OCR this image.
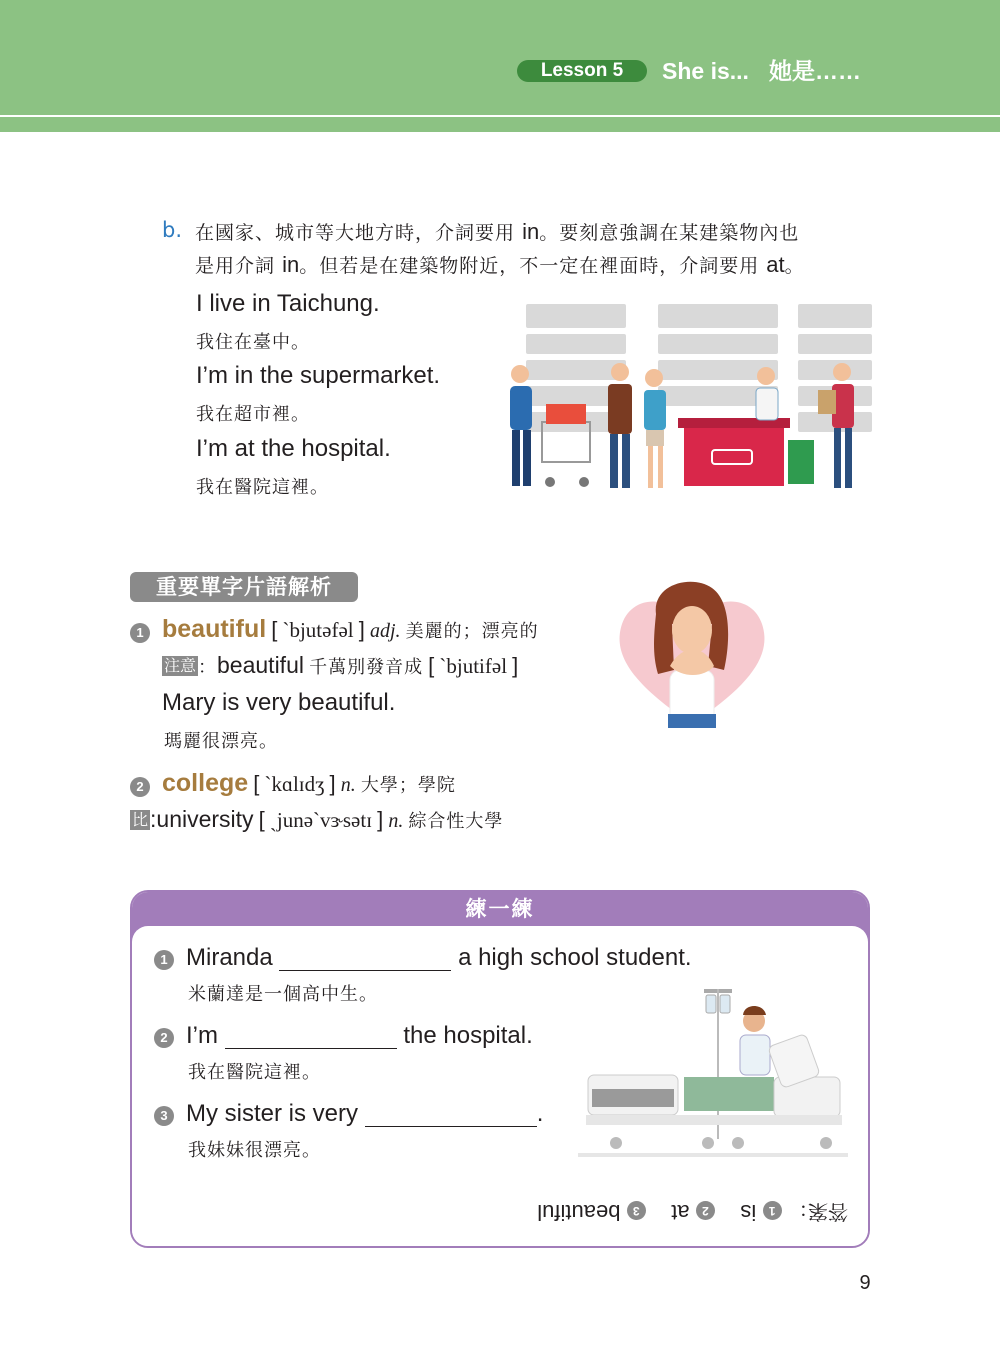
Lesson 5	She is... 她是……
b. 在國家、城市等大地方時，介詞要用 in。要刻意強調在某建築物內也
是用介詞 in。但若是在建築物附近，不一定在裡面時，介詞要用 at。
I live in Taichung.
我住在臺中。
I’m in the supermarket.
我在超市裡。
I’m at the hospital.
我在醫院這裡。
重要單字片語解析
1 beautiful [ ˋbjutəfəl ] adj. 美麗的；漂亮的
注意 ：beautiful 千萬別發音成 [ ˋbjutifəl ]
Mary is very beautiful.
瑪麗很漂亮。
2 college [ ˋkɑlɪdʒ ] n. 大學；學院
比:university [ ˏjunəˋvɝsətɪ ] n. 綜合性大學
練一練
1 Miranda	a high school student.
米蘭達是一個高中生。
2 I’m	the hospital.
我在醫院這裡。
3 My sister is very	.
我妹妹很漂亮。
答案： 1 is    2 at    3 beautiful
9
